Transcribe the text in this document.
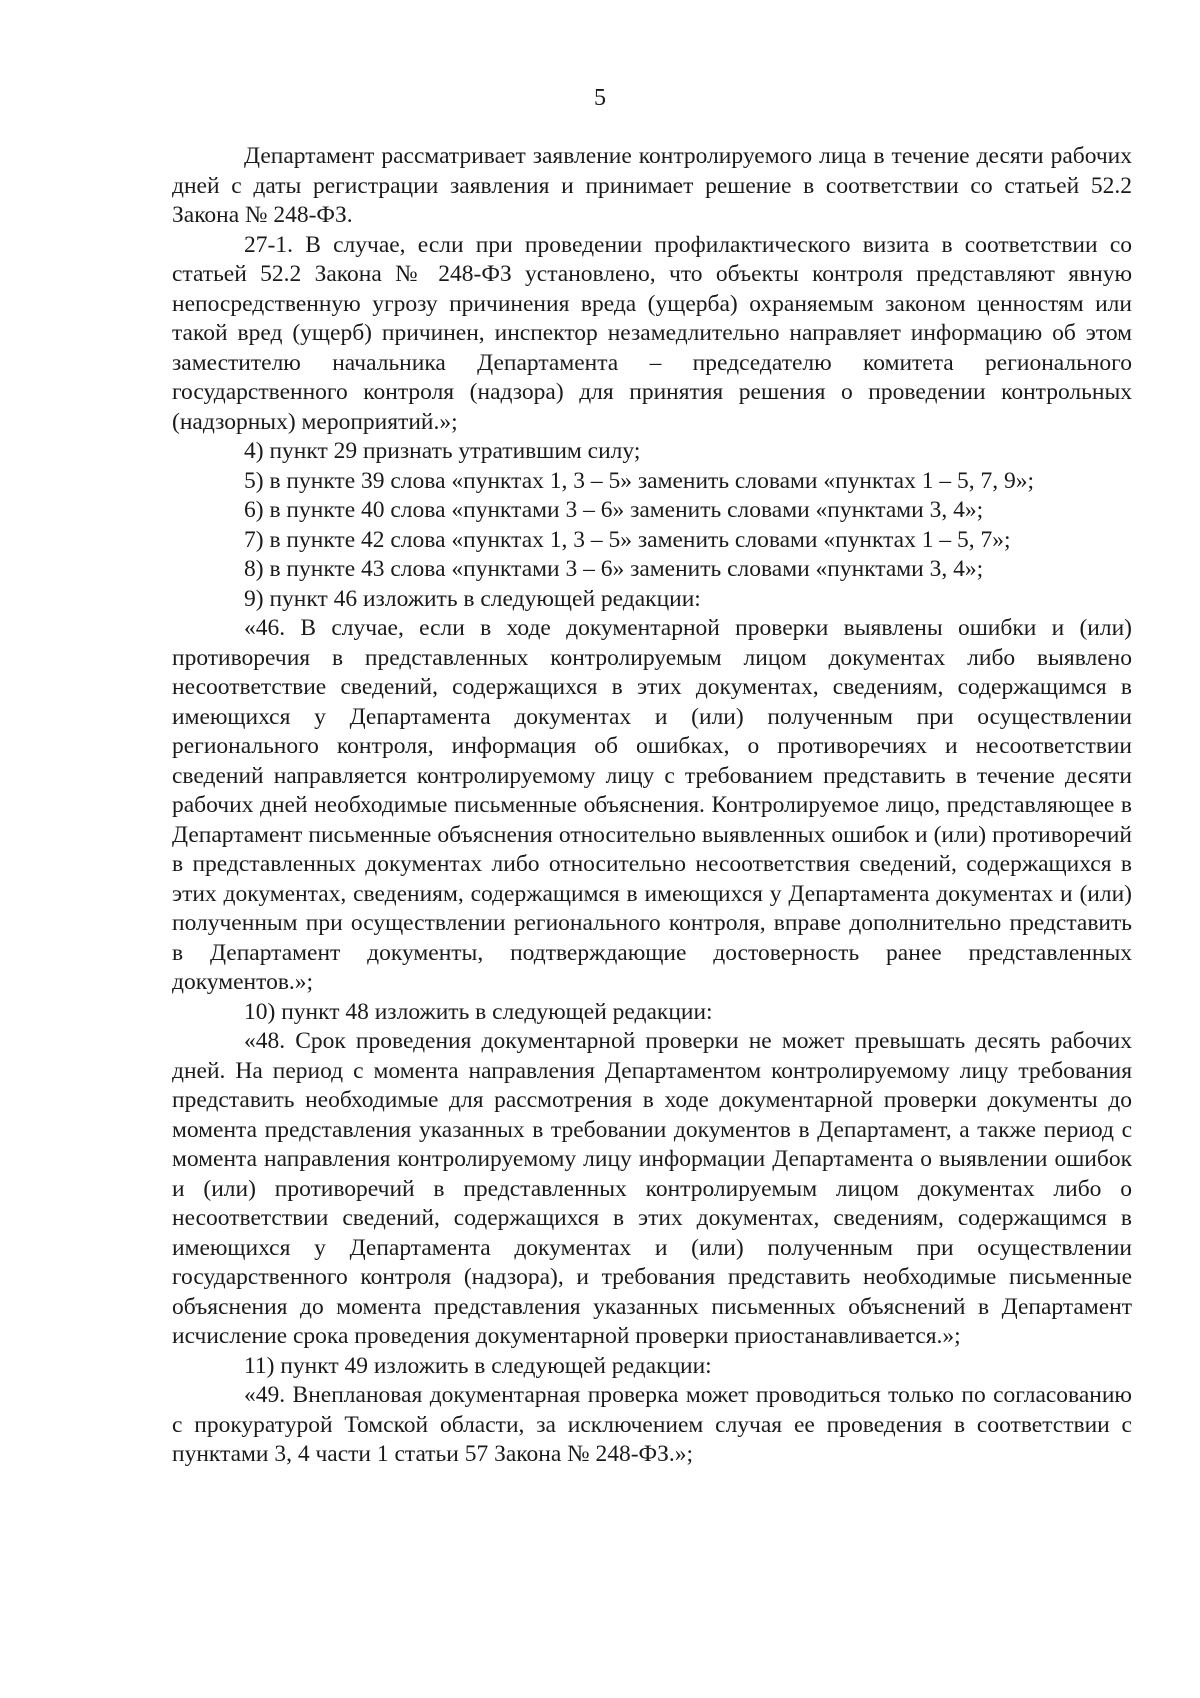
5

Департамент рассматривает заявление контролируемого лица в течение десяти рабочих дней с даты регистрации заявления и принимает решение в соответствии со статьей 52.2 Закона № 248-ФЗ.

27-1. В случае, если при проведении профилактического визита в соответствии со статьей 52.2 Закона № 248-ФЗ установлено, что объекты контроля представляют явную непосредственную угрозу причинения вреда (ущерба) охраняемым законом ценностям или такой вред (ущерб) причинен, инспектор незамедлительно направляет информацию об этом заместителю начальника Департамента – председателю комитета регионального государственного контроля (надзора) для принятия решения о проведении контрольных (надзорных) мероприятий.»;

4) пункт 29 признать утратившим силу;

5) в пункте 39 слова «пунктах 1, 3 – 5» заменить словами «пунктах 1 – 5, 7, 9»;

6) в пункте 40 слова «пунктами 3 – 6» заменить словами «пунктами 3, 4»;

7) в пункте 42 слова «пунктах 1, 3 – 5» заменить словами «пунктах 1 – 5, 7»;

8) в пункте 43 слова «пунктами 3 – 6» заменить словами «пунктами 3, 4»;

9) пункт 46 изложить в следующей редакции:

«46. В случае, если в ходе документарной проверки выявлены ошибки и (или) противоречия в представленных контролируемым лицом документах либо выявлено несоответствие сведений, содержащихся в этих документах, сведениям, содержащимся в имеющихся у Департамента документах и (или) полученным при осуществлении регионального контроля, информация об ошибках, о противоречиях и несоответствии сведений направляется контролируемому лицу с требованием представить в течение десяти рабочих дней необходимые письменные объяснения. Контролируемое лицо, представляющее в Департамент письменные объяснения относительно выявленных ошибок и (или) противоречий в представленных документах либо относительно несоответствия сведений, содержащихся в этих документах, сведениям, содержащимся в имеющихся у Департамента документах и (или) полученным при осуществлении регионального контроля, вправе дополнительно представить в Департамент документы, подтверждающие достоверность ранее представленных документов.»;

10) пункт 48 изложить в следующей редакции:

«48. Срок проведения документарной проверки не может превышать десять рабочих дней. На период с момента направления Департаментом контролируемому лицу требования представить необходимые для рассмотрения в ходе документарной проверки документы до момента представления указанных в требовании документов в Департамент, а также период с момента направления контролируемому лицу информации Департамента о выявлении ошибок и (или) противоречий в представленных контролируемым лицом документах либо о несоответствии сведений, содержащихся в этих документах, сведениям, содержащимся в имеющихся у Департамента документах и (или) полученным при осуществлении государственного контроля (надзора), и требования представить необходимые письменные объяснения до момента представления указанных письменных объяснений в Департамент исчисление срока проведения документарной проверки приостанавливается.»;

11) пункт 49 изложить в следующей редакции:

«49. Внеплановая документарная проверка может проводиться только по согласованию с прокуратурой Томской области, за исключением случая ее проведения в соответствии с пунктами 3, 4 части 1 статьи 57 Закона № 248-ФЗ.»;
